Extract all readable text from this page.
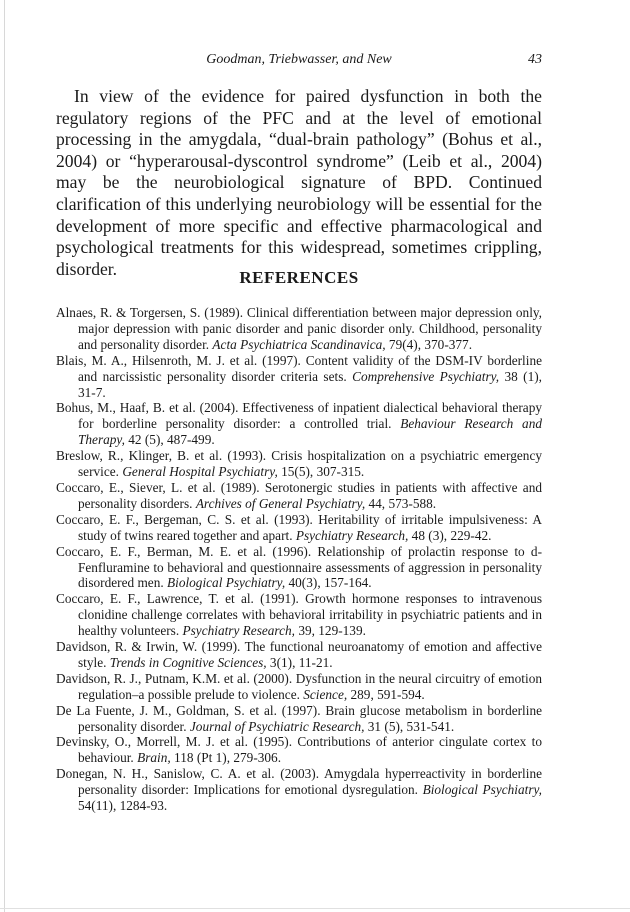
Goodman, Triebwasser, and New	43

In view of the evidence for paired dysfunction in both the regulatory regions of the PFC and at the level of emotional processing in the amygdala, “dual-brain pathology” (Bohus et al., 2004) or “hyperarousal-dyscontrol syndrome” (Leib et al., 2004) may be the neurobiological signature of BPD. Continued clarification of this underlying neurobiology will be essential for the development of more specific and effective pharmacological and psychological treatments for this widespread, sometimes crippling, disorder.	REFERENCES
Alnaes, R. & Torgersen, S. (1989). Clinical differentiation between major depression only, major depression with panic disorder and panic disorder only. Childhood, personality and personality disorder. Acta Psychiatrica Scandinavica, 79(4), 370-377.
Blais, M. A., Hilsenroth, M. J. et al. (1997). Content validity of the DSM-IV borderline and narcissistic personality disorder criteria sets. Comprehensive Psychiatry, 38 (1), 31-7.
Bohus, M., Haaf, B. et al. (2004). Effectiveness of inpatient dialectical behavioral therapy for borderline personality disorder: a controlled trial. Behaviour Research and Therapy, 42 (5), 487-499.
Breslow, R., Klinger, B. et al. (1993). Crisis hospitalization on a psychiatric emergency service. General Hospital Psychiatry, 15(5), 307-315.
Coccaro, E., Siever, L. et al. (1989). Serotonergic studies in patients with affective and personality disorders. Archives of General Psychiatry, 44, 573-588.
Coccaro, E. F., Bergeman, C. S. et al. (1993). Heritability of irritable impulsiveness: A study of twins reared together and apart. Psychiatry Research, 48 (3), 229-42.
Coccaro, E. F., Berman, M. E. et al. (1996). Relationship of prolactin response to d-Fenfluramine to behavioral and questionnaire assessments of aggression in personality disordered men. Biological Psychiatry, 40(3), 157-164.
Coccaro, E. F., Lawrence, T. et al. (1991). Growth hormone responses to intravenous clonidine challenge correlates with behavioral irritability in psychiatric patients and in healthy volunteers. Psychiatry Research, 39, 129-139.
Davidson, R. & Irwin, W. (1999). The functional neuroanatomy of emotion and affective style. Trends in Cognitive Sciences, 3(1), 11-21.
Davidson, R. J., Putnam, K.M. et al. (2000). Dysfunction in the neural circuitry of emotion regulation–a possible prelude to violence. Science, 289, 591-594.
De La Fuente, J. M., Goldman, S. et al. (1997). Brain glucose metabolism in borderline personality disorder. Journal of Psychiatric Research, 31 (5), 531-541.
Devinsky, O., Morrell, M. J. et al. (1995). Contributions of anterior cingulate cortex to behaviour. Brain, 118 (Pt 1), 279-306.
Donegan, N. H., Sanislow, C. A. et al. (2003). Amygdala hyperreactivity in borderline personality disorder: Implications for emotional dysregulation. Biological Psychiatry, 54(11), 1284-93.
